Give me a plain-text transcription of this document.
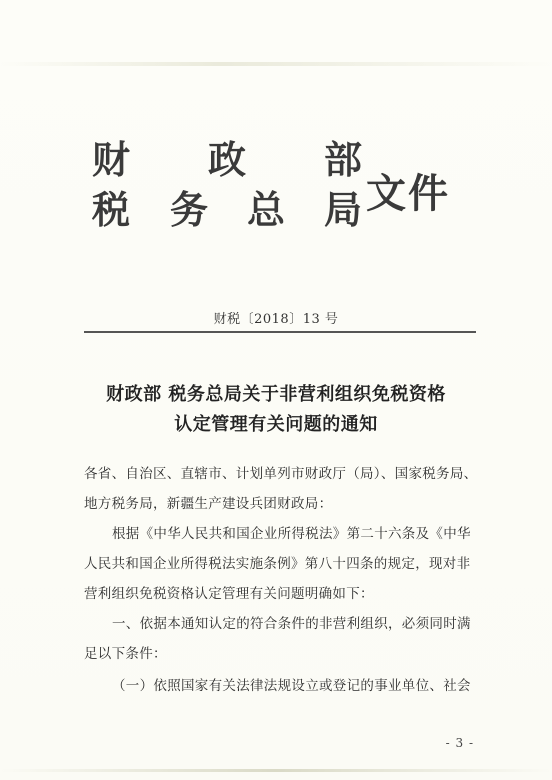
财 政 部
税 务 总 局 文件
财税〔2018〕13 号
财政部 税务总局关于非营利组织免税资格
认定管理有关问题的通知
各省、自治区、直辖市、计划单列市财政厅（局）、国家税务局、
地方税务局，新疆生产建设兵团财政局：
根据《中华人民共和国企业所得税法》第二十六条及《中华
人民共和国企业所得税法实施条例》第八十四条的规定，现对非
营利组织免税资格认定管理有关问题明确如下：
一、依据本通知认定的符合条件的非营利组织，必须同时满
足以下条件：
（一）依照国家有关法律法规设立或登记的事业单位、社会
- 3 -
